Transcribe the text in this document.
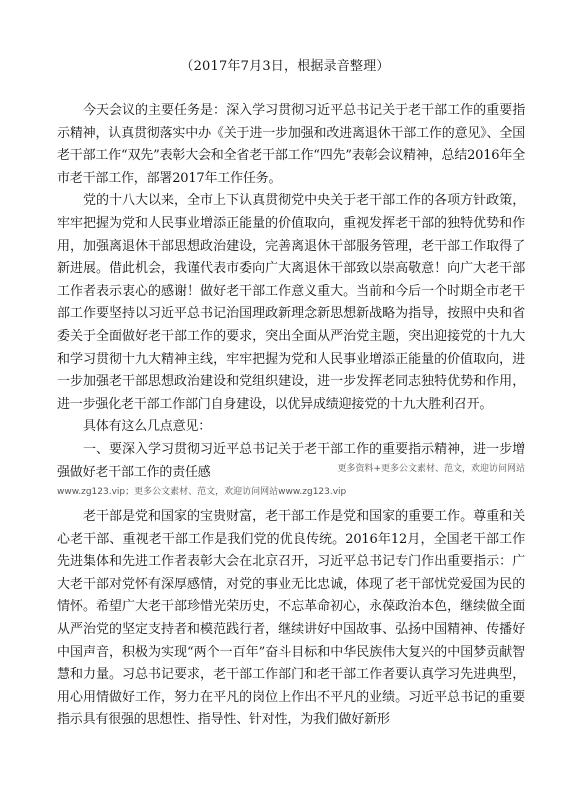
（2017年7月3日，根据录音整理）

今天会议的主要任务是：深入学习贯彻习近平总书记关于老干部工作的重要指示精神，认真贯彻落实中办《关于进一步加强和改进离退休干部工作的意见》、全国老干部工作“双先”表彰大会和全省老干部工作“四先”表彰会议精神，总结2016年全市老干部工作，部署2017年工作任务。

党的十八大以来，全市上下认真贯彻党中央关于老干部工作的各项方针政策，牢牢把握为党和人民事业增添正能量的价值取向，重视发挥老干部的独特优势和作用，加强离退休干部思想政治建设，完善离退休干部服务管理，老干部工作取得了新进展。借此机会，我谨代表市委向广大离退休干部致以崇高敬意！向广大老干部工作者表示衷心的感谢！做好老干部工作意义重大。当前和今后一个时期全市老干部工作要坚持以习近平总书记治国理政新理念新思想新战略为指导，按照中央和省委关于全面做好老干部工作的要求，突出全面从严治党主题，突出迎接党的十九大和学习贯彻十九大精神主线，牢牢把握为党和人民事业增添正能量的价值取向，进一步加强老干部思想政治建设和党组织建设，进一步发挥老同志独特优势和作用，进一步强化老干部工作部门自身建设，以优异成绩迎接党的十九大胜利召开。

具体有这么几点意见：

一、要深入学习贯彻习近平总书记关于老干部工作的重要指示精神，进一步增强做好老干部工作的责任感	更多资料+更多公文素材、范文，欢迎访问网站

www.zg123.vip；更多公文素材、范文，欢迎访问网站www.zg123.vip

老干部是党和国家的宝贵财富，老干部工作是党和国家的重要工作。尊重和关心老干部、重视老干部工作是我们党的优良传统。2016年12月，全国老干部工作先进集体和先进工作者表彰大会在北京召开，习近平总书记专门作出重要指示：广大老干部对党怀有深厚感情，对党的事业无比忠诚，体现了老干部忧党爱国为民的情怀。希望广大老干部珍惜光荣历史，不忘革命初心，永葆政治本色，继续做全面从严治党的坚定支持者和模范践行者，继续讲好中国故事、弘扬中国精神、传播好中国声音，积极为实现“两个一百年”奋斗目标和中华民族伟大复兴的中国梦贡献智慧和力量。习总书记要求，老干部工作部门和老干部工作者要认真学习先进典型，用心用情做好工作，努力在平凡的岗位上作出不平凡的业绩。习近平总书记的重要指示具有很强的思想性、指导性、针对性，为我们做好新形
